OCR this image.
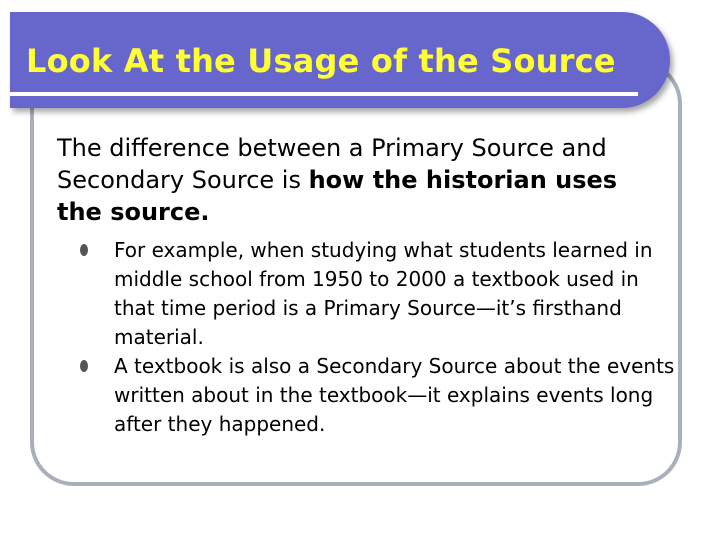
Look At the Usage of the Source

The difference between a Primary Source and Secondary Source is how the historian uses the source.

For example, when studying what students learned in middle school from 1950 to 2000 a textbook used in that time period is a Primary Source—it’s firsthand material.
A textbook is also a Secondary Source about the events written about in the textbook—it explains events long after they happened.
